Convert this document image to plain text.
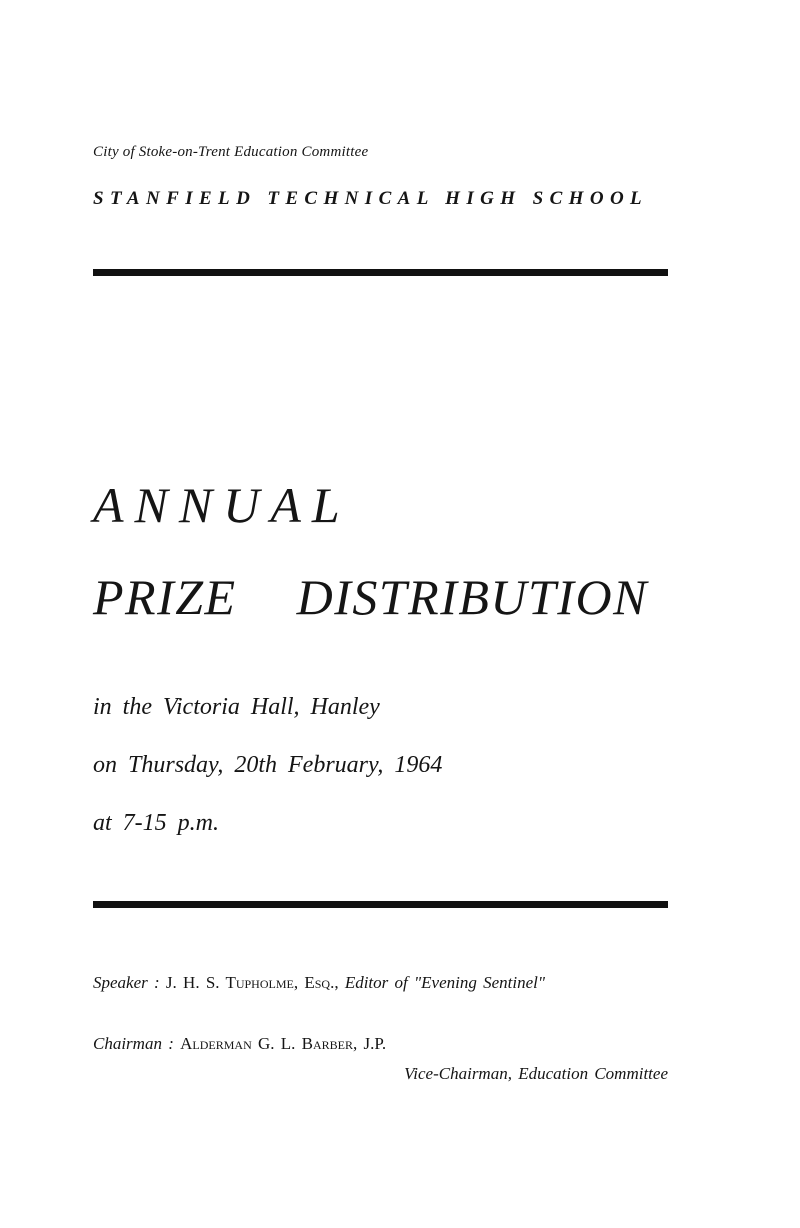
City of Stoke-on-Trent Education Committee
STANFIELD TECHNICAL HIGH SCHOOL
ANNUAL
PRIZE DISTRIBUTION
in the Victoria Hall, Hanley
on Thursday, 20th February, 1964
at 7-15 p.m.
Speaker : J. H. S. Tupholme, Esq., Editor of "Evening Sentinel"
Chairman : Alderman G. L. Barber, J.P.
Vice-Chairman, Education Committee
